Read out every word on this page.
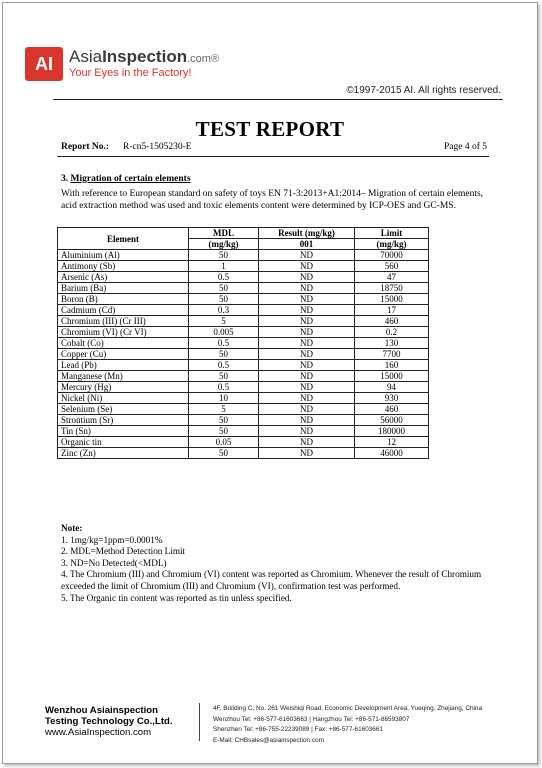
AI AsiaInspection.com®
Your Eyes in the Factory!
©1997-2015 AI. All rights reserved.
TEST REPORT
Report No.: R-cn5-1505230-E	Page 4 of 5
3. Migration of certain elements
With reference to European standard on safety of toys EN 71-3:2013+A1:2014– Migration of certain elements, acid extraction method was used and toxic elements content were determined by ICP-OES and GC-MS.
Element	MDL	Result (mg/kg)	Limit
	(mg/kg)	001	(mg/kg)
Aluminium (Al)	50	ND	70000
Antimony (Sb)	1	ND	560
Arsenic (As)	0.5	ND	47
Barium (Ba)	50	ND	18750
Boron (B)	50	ND	15000
Cadmium (Cd)	0.3	ND	17
Chromium (III) (Cr III)	5	ND	460
Chromium (VI) (Cr VI)	0.005	ND	0.2
Cobalt (Co)	0.5	ND	130
Copper (Cu)	50	ND	7700
Lead (Pb)	0.5	ND	160
Manganese (Mn)	50	ND	15000
Mercury (Hg)	0.5	ND	94
Nickel (Ni)	10	ND	930
Selenium (Se)	5	ND	460
Strontium (Sr)	50	ND	56000
Tin (Sn)	50	ND	180000
Organic tin	0.05	ND	12
Zinc (Zn)	50	ND	46000
Note:
1. 1mg/kg=1ppm=0.0001%
2. MDL=Method Detection Limit
3. ND=No Detected(<MDL)
4. The Chromium (III) and Chromium (VI) content was reported as Chromium. Whenever the result of Chromium exceeded the limit of Chromium (III) and Chromium (VI), confirmation test was performed.
5. The Organic tin content was reported as tin unless specified.
Wenzhou Asiainspection
Testing Technology Co.,Ltd.
www.AsiaInspection.com
4F, Building C, No. 261 Weishiqi Road, Economic Development Area, Yueqing, Zhejiang, China
Wenzhou Tel: +86-577-61603663 | Hangzhou Tel: +86-571-86593807
Shenzhen Tel: +86-755-22239089 | Fax: +86-577-61603661
E-Mail: CHBsales@asiainspection.com
